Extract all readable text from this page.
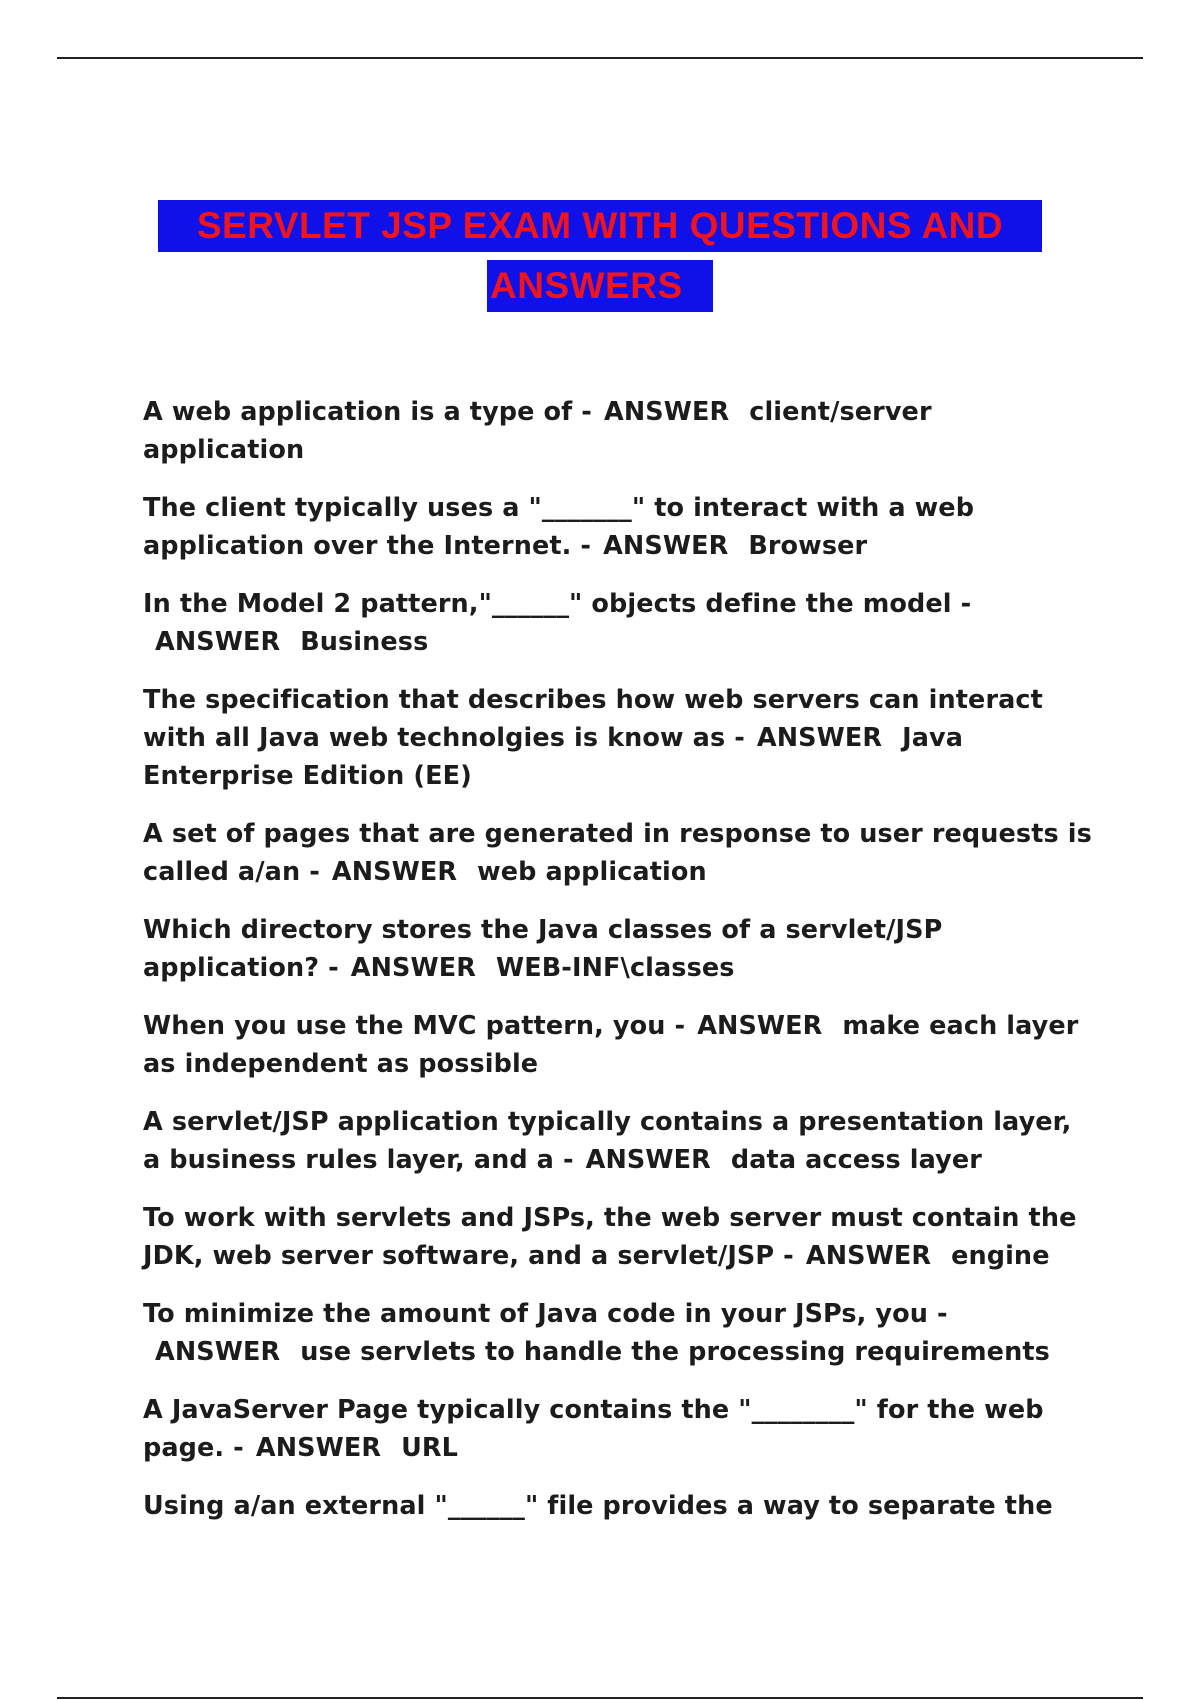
SERVLET JSP EXAM WITH QUESTIONS AND
ANSWERS

A web application is a type of - ANSWER client/server application

The client typically uses a "_______" to interact with a web application over the Internet. - ANSWER Browser

In the Model 2 pattern,"______" objects define the model -ANSWER Business

The specification that describes how web servers can interact with all Java web technolgies is know as - ANSWER Java Enterprise Edition (EE)

A set of pages that are generated in response to user requests is called a/an - ANSWER web application

Which directory stores the Java classes of a servlet/JSP application? - ANSWER WEB-INF\classes

When you use the MVC pattern, you - ANSWER make each layer as independent as possible

A servlet/JSP application typically contains a presentation layer, a business rules layer, and a - ANSWER data access layer

To work with servlets and JSPs, the web server must contain the JDK, web server software, and a servlet/JSP - ANSWER engine

To minimize the amount of Java code in your JSPs, you -ANSWER use servlets to handle the processing requirements

A JavaServer Page typically contains the "________" for the web page. - ANSWER URL

Using a/an external "______" file provides a way to separate the
